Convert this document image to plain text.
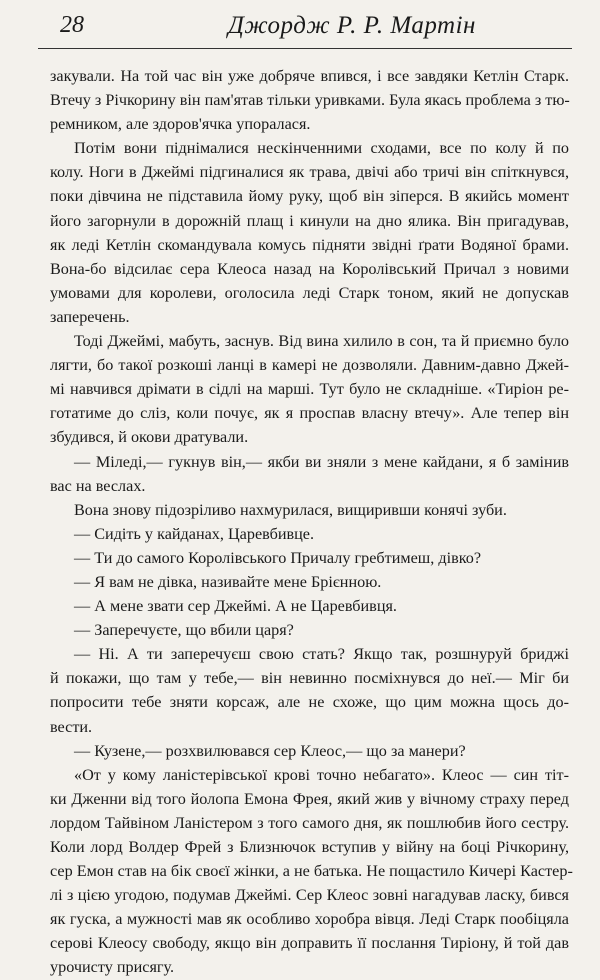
28	Джордж Р. Р. Мартін
закували. На той час він уже добряче впився, і все завдяки Кетлін Старк.
Втечу з Річкорину він пам'ятав тільки уривками. Була якась проблема з тю-
ремником, але здоров'ячка упоралася.
Потім вони піднімалися нескінченними сходами, все по колу й по
колу. Ноги в Джеймі підгиналися як трава, двічі або тричі він спіткнувся,
поки дівчина не підставила йому руку, щоб він зіперся. В якийсь момент
його загорнули в дорожній плащ і кинули на дно ялика. Він пригадував,
як леді Кетлін скомандувала комусь підняти звідні ґрати Водяної брами.
Вона-бо відсилає сера Клеоса назад на Королівський Причал з новими
умовами для королеви, оголосила леді Старк тоном, який не допускав
заперечень.
Тоді Джеймі, мабуть, заснув. Від вина хилило в сон, та й приємно було
лягти, бо такої розкоші ланці в камері не дозволяли. Давним-давно Джей-
мі навчився дрімати в сідлі на марші. Тут було не складніше. «Тиріон ре-
готатиме до сліз, коли почує, як я проспав власну втечу». Але тепер він
збудився, й окови дратували.
— Міледі,— гукнув він,— якби ви зняли з мене кайдани, я б замінив
вас на веслах.
Вона знову підозріливо нахмурилася, вищиривши конячі зуби.
— Сидіть у кайданах, Царевбивце.
— Ти до самого Королівського Причалу гребтимеш, дівко?
— Я вам не дівка, називайте мене Брієнною.
— А мене звати сер Джеймі. А не Царевбивця.
— Заперечуєте, що вбили царя?
— Ні. А ти заперечуєш свою стать? Якщо так, розшнуруй бриджі
й покажи, що там у тебе,— він невинно посміхнувся до неї.— Міг би
попросити тебе зняти корсаж, але не схоже, що цим можна щось до-
вести.
— Кузене,— розхвилювався сер Клеос,— що за манери?
«От у кому ланістерівської крові точно небагато». Клеос — син тіт-
ки Дженни від того йолопа Емона Фрея, який жив у вічному страху перед
лордом Тайвіном Ланістером з того самого дня, як пошлюбив його сестру.
Коли лорд Волдер Фрей з Близнючок вступив у війну на боці Річкорину,
сер Емон став на бік своєї жінки, а не батька. Не пощастило Кичері Кастер-
лі з цією угодою, подумав Джеймі. Сер Клеос зовні нагадував ласку, бився
як гуска, а мужності мав як особливо хоробра вівця. Леді Старк пообіцяла
серові Клеосу свободу, якщо він доправить її послання Тиріону, й той дав
урочисту присягу.
